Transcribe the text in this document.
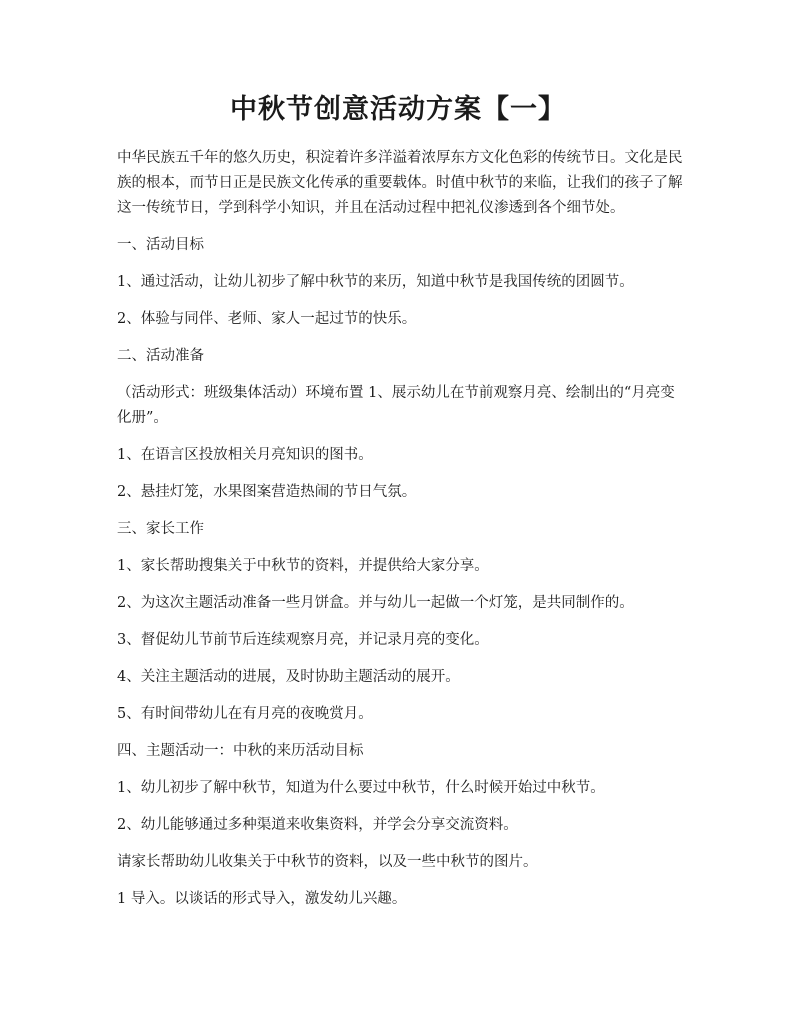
中秋节创意活动方案【一】

中华民族五千年的悠久历史，积淀着许多洋溢着浓厚东方文化色彩的传统节日。文化是民族的根本，而节日正是民族文化传承的重要载体。时值中秋节的来临，让我们的孩子了解这一传统节日，学到科学小知识，并且在活动过程中把礼仪渗透到各个细节处。

一、活动目标

1、通过活动，让幼儿初步了解中秋节的来历，知道中秋节是我国传统的团圆节。

2、体验与同伴、老师、家人一起过节的快乐。

二、活动准备

（活动形式：班级集体活动）环境布置 1、展示幼儿在节前观察月亮、绘制出的“月亮变化册”。

1、在语言区投放相关月亮知识的图书。

2、悬挂灯笼，水果图案营造热闹的节日气氛。

三、家长工作

1、家长帮助搜集关于中秋节的资料，并提供给大家分享。

2、为这次主题活动准备一些月饼盒。并与幼儿一起做一个灯笼，是共同制作的。

3、督促幼儿节前节后连续观察月亮，并记录月亮的变化。

4、关注主题活动的进展，及时协助主题活动的展开。

5、有时间带幼儿在有月亮的夜晚赏月。

四、主题活动一：中秋的来历活动目标

1、幼儿初步了解中秋节，知道为什么要过中秋节，什么时候开始过中秋节。

2、幼儿能够通过多种渠道来收集资料，并学会分享交流资料。

请家长帮助幼儿收集关于中秋节的资料，以及一些中秋节的图片。

1 导入。以谈话的形式导入，激发幼儿兴趣。
